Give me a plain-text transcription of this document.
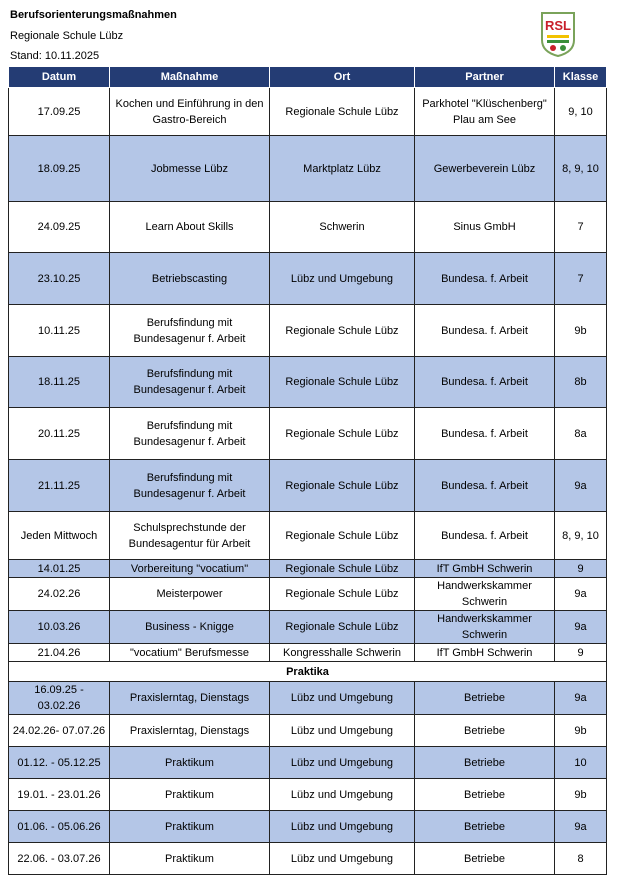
Berufsorienterungsmaßnahmen
Regionale Schule Lübz
Stand: 10.11.2025
RSL
Datum	Maßnahme	Ort	Partner	Klasse
17.09.25	Kochen und Einführung in den Gastro-Bereich	Regionale Schule Lübz	Parkhotel "Klüschenberg" Plau am See	9, 10
18.09.25	Jobmesse Lübz	Marktplatz Lübz	Gewerbeverein Lübz	8, 9, 10
24.09.25	Learn About Skills	Schwerin	Sinus GmbH	7
23.10.25	Betriebscasting	Lübz und Umgebung	Bundesa. f. Arbeit	7
10.11.25	Berufsfindung mit Bundesagenur f. Arbeit	Regionale Schule Lübz	Bundesa. f. Arbeit	9b
18.11.25	Berufsfindung mit Bundesagenur f. Arbeit	Regionale Schule Lübz	Bundesa. f. Arbeit	8b
20.11.25	Berufsfindung mit Bundesagenur f. Arbeit	Regionale Schule Lübz	Bundesa. f. Arbeit	8a
21.11.25	Berufsfindung mit Bundesagenur f. Arbeit	Regionale Schule Lübz	Bundesa. f. Arbeit	9a
Jeden Mittwoch	Schulsprechstunde der Bundesagentur für Arbeit	Regionale Schule Lübz	Bundesa. f. Arbeit	8, 9, 10
14.01.25	Vorbereitung "vocatium"	Regionale Schule Lübz	IfT GmbH Schwerin	9
24.02.26	Meisterpower	Regionale Schule Lübz	Handwerkskammer Schwerin	9a
10.03.26	Business - Knigge	Regionale Schule Lübz	Handwerkskammer Schwerin	9a
21.04.26	"vocatium" Berufsmesse	Kongresshalle Schwerin	IfT GmbH Schwerin	9
Praktika				
16.09.25 - 03.02.26	Praxislerntag, Dienstags	Lübz und Umgebung	Betriebe	9a
24.02.26- 07.07.26	Praxislerntag, Dienstags	Lübz und Umgebung	Betriebe	9b
01.12. - 05.12.25	Praktikum	Lübz und Umgebung	Betriebe	10
19.01. - 23.01.26	Praktikum	Lübz und Umgebung	Betriebe	9b
01.06. - 05.06.26	Praktikum	Lübz und Umgebung	Betriebe	9a
22.06. - 03.07.26	Praktikum	Lübz und Umgebung	Betriebe	8
